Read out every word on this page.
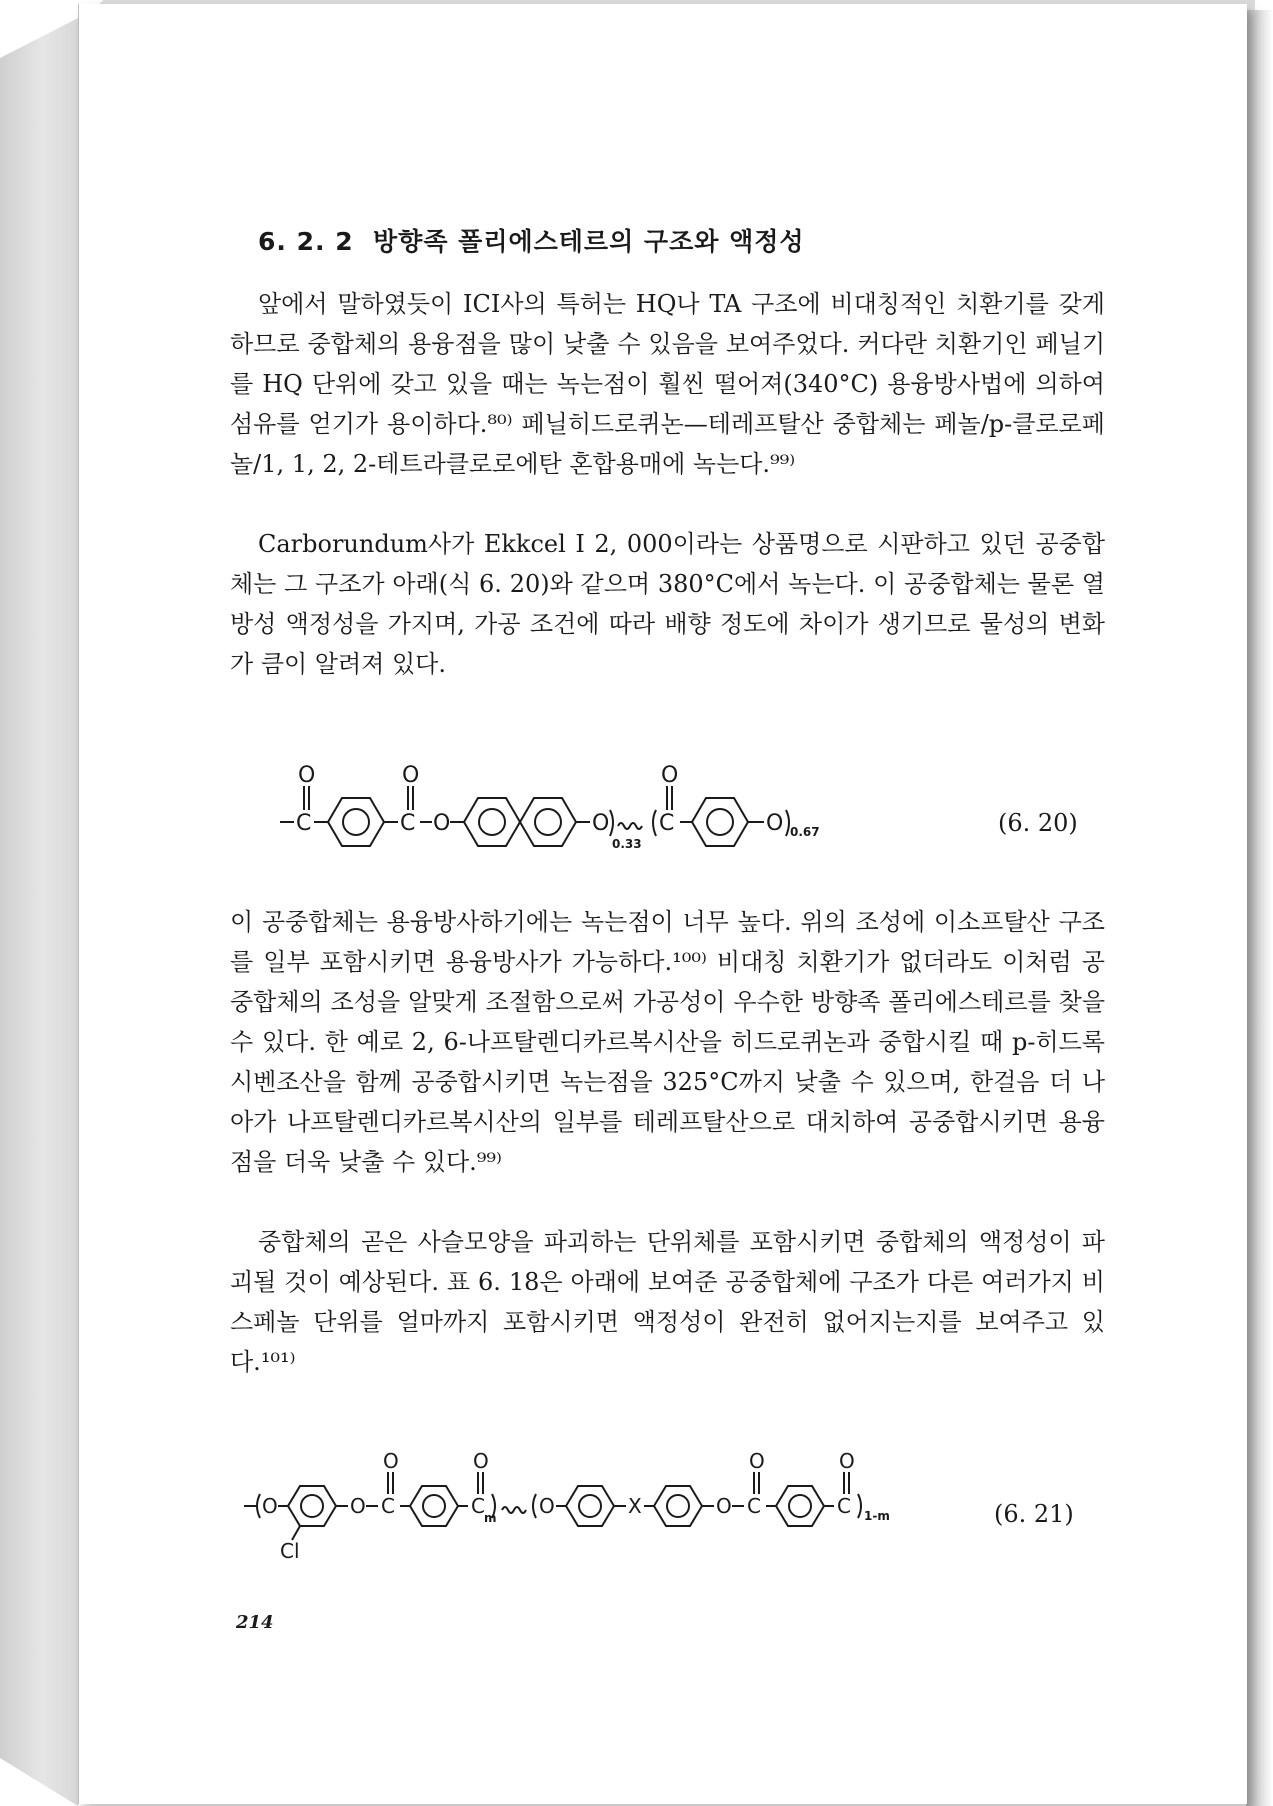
6. 2. 2 방향족 폴리에스테르의 구조와 액정성

앞에서 말하였듯이 ICI사의 특허는 HQ나 TA 구조에 비대칭적인 치환기를 갖게 하므로 중합체의 용융점을 많이 낮출 수 있음을 보여주었다. 커다란 치환기인 페닐기를 HQ 단위에 갖고 있을 때는 녹는점이 훨씬 떨어져(340°C) 용융방사법에 의하여 섬유를 얻기가 용이하다.⁸⁰⁾ 페닐히드로퀴논—테레프탈산 중합체는 페놀/p-클로로페놀/1, 1, 2, 2-테트라클로로에탄 혼합용매에 녹는다.⁹⁹⁾

Carborundum사가 Ekkcel I 2, 000이라는 상품명으로 시판하고 있던 공중합체는 그 구조가 아래(식 6. 20)와 같으며 380°C에서 녹는다. 이 공중합체는 물론 열방성 액정성을 가지며, 가공 조건에 따라 배향 정도에 차이가 생기므로 물성의 변화가 큼이 알려져 있다.

O
C
O
C O	O
O
C	O
0.33
0.67	(6. 20)

이 공중합체는 용융방사하기에는 녹는점이 너무 높다. 위의 조성에 이소프탈산 구조를 일부 포함시키면 용융방사가 가능하다.¹⁰⁰⁾ 비대칭 치환기가 없더라도 이처럼 공중합체의 조성을 알맞게 조절함으로써 가공성이 우수한 방향족 폴리에스테르를 찾을 수 있다. 한 예로 2, 6-나프탈렌디카르복시산을 히드로퀴논과 중합시킬 때 p-히드록시벤조산을 함께 공중합시키면 녹는점을 325°C까지 낮출 수 있으며, 한걸음 더 나아가 나프탈렌디카르복시산의 일부를 테레프탈산으로 대치하여 공중합시키면 용융점을 더욱 낮출 수 있다.⁹⁹⁾

중합체의 곧은 사슬모양을 파괴하는 단위체를 포함시키면 중합체의 액정성이 파괴될 것이 예상된다. 표 6. 18은 아래에 보여준 공중합체에 구조가 다른 여러가지 비스페놀 단위를 얼마까지 포함시키면 액정성이 완전히 없어지는지를 보여주고 있다.¹⁰¹⁾

O	O
O
C
O
C	O	X	O
O
C
O
C
Cl
m	1-m	(6. 21)
214
